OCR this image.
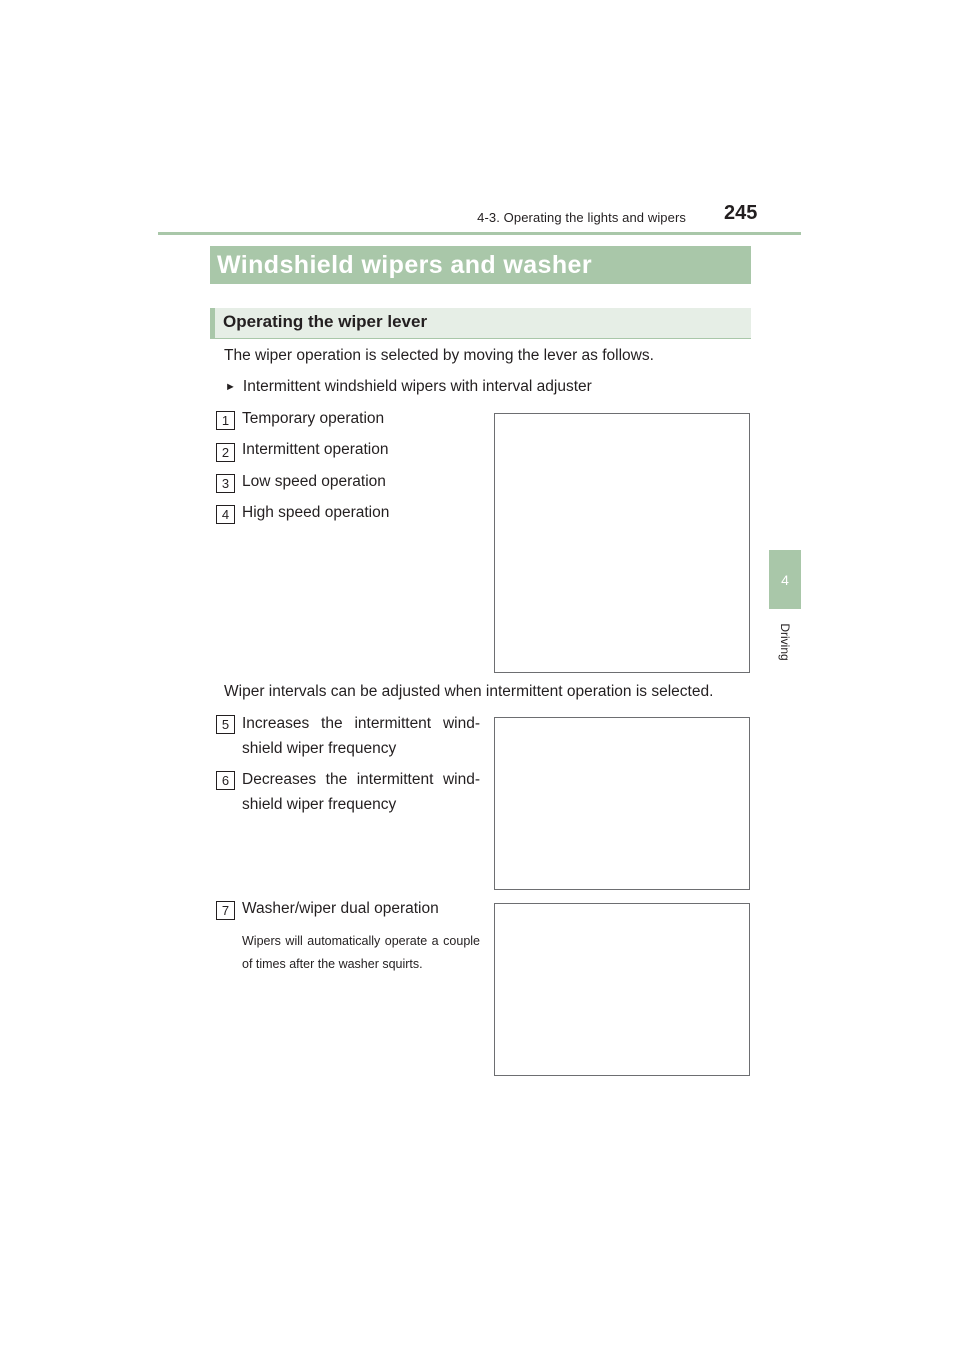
4-3. Operating the lights and wipers 245
4
Driving
Windshield wipers and washer
Operating the wiper lever
The wiper operation is selected by moving the lever as follows.
► Intermittent windshield wipers with interval adjuster
1 Temporary operation
2 Intermittent operation
3 Low speed operation
4 High speed operation
Wiper intervals can be adjusted when intermittent operation is selected.
5 Increases the intermittent wind-shield wiper frequency
6 Decreases the intermittent wind-shield wiper frequency
7 Washer/wiper dual operation
Wipers will automatically operate a couple of times after the washer squirts.
